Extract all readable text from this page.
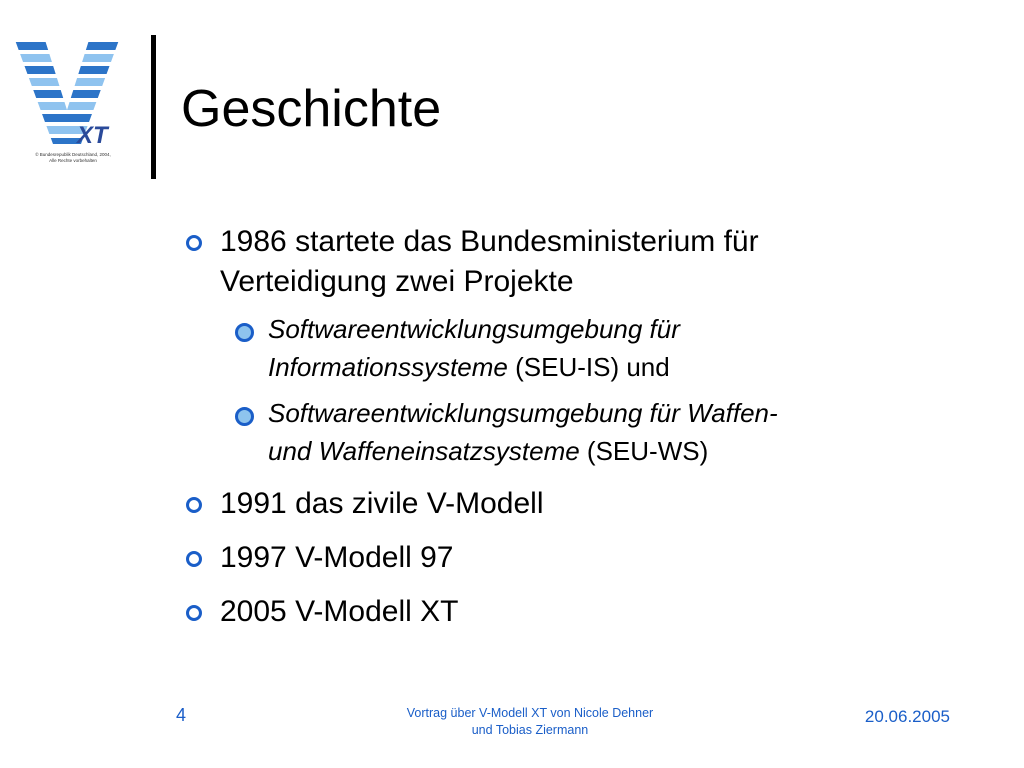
XT
© Bundesrepublik Deutschland, 2004,
Alle Rechte vorbehalten
Geschichte
1986 startete das Bundesministerium für
Verteidigung zwei Projekte
Softwareentwicklungsumgebung für
Informationssysteme (SEU-IS) und
Softwareentwicklungsumgebung für Waffen-
und Waffeneinsatzsysteme (SEU-WS)
1991 das zivile V-Modell
1997 V-Modell 97
2005 V-Modell XT
4	Vortrag über V-Modell XT von Nicole Dehner
und Tobias Ziermann
20.06.2005
